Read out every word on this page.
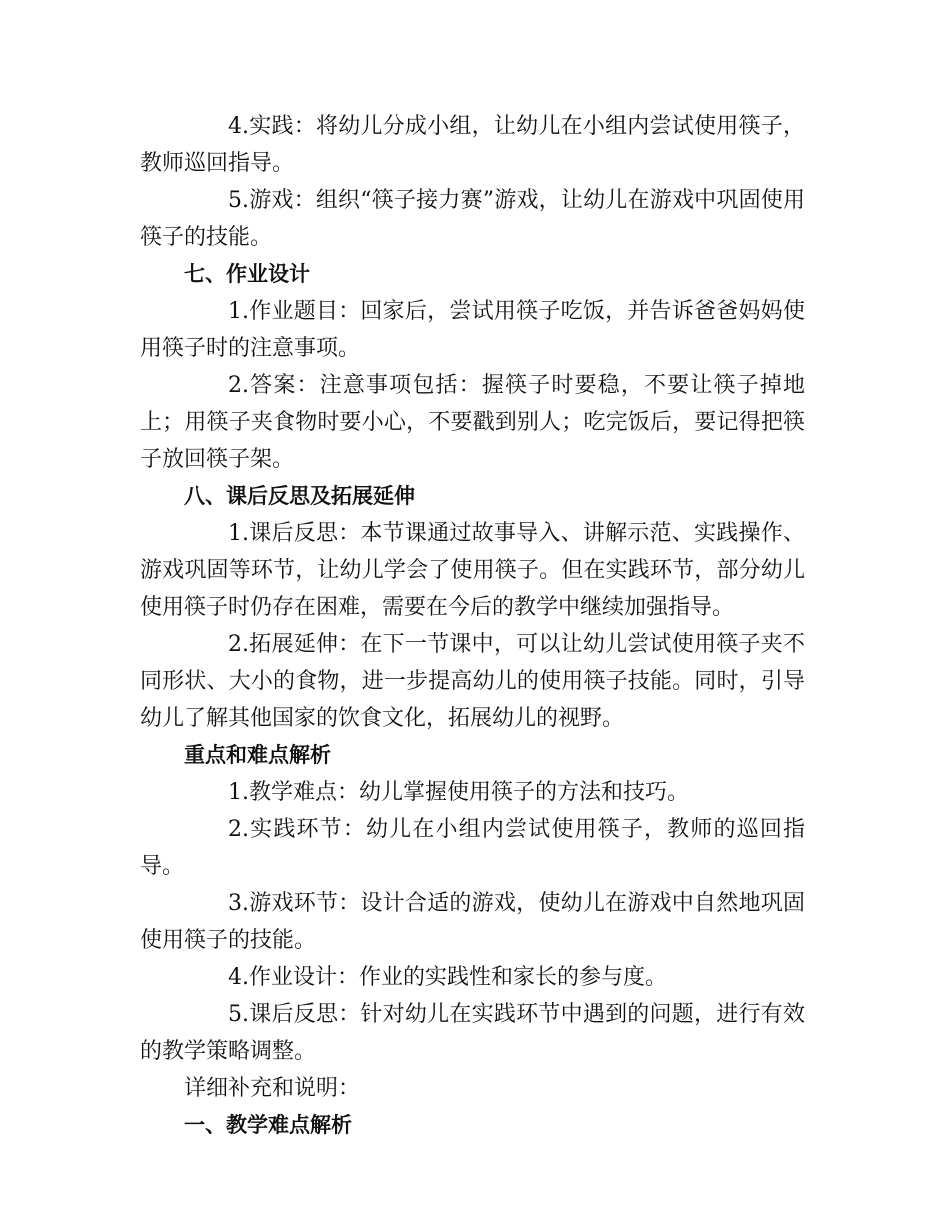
4.实践：将幼儿分成小组，让幼儿在小组内尝试使用筷子，教师巡回指导。

5.游戏：组织“筷子接力赛”游戏，让幼儿在游戏中巩固使用筷子的技能。

七、作业设计

1.作业题目：回家后，尝试用筷子吃饭，并告诉爸爸妈妈使用筷子时的注意事项。

2.答案：注意事项包括：握筷子时要稳，不要让筷子掉地上；用筷子夹食物时要小心，不要戳到别人；吃完饭后，要记得把筷子放回筷子架。

八、课后反思及拓展延伸

1.课后反思：本节课通过故事导入、讲解示范、实践操作、游戏巩固等环节，让幼儿学会了使用筷子。但在实践环节，部分幼儿使用筷子时仍存在困难，需要在今后的教学中继续加强指导。

2.拓展延伸：在下一节课中，可以让幼儿尝试使用筷子夹不同形状、大小的食物，进一步提高幼儿的使用筷子技能。同时，引导幼儿了解其他国家的饮食文化，拓展幼儿的视野。

重点和难点解析

1.教学难点：幼儿掌握使用筷子的方法和技巧。

2.实践环节：幼儿在小组内尝试使用筷子，教师的巡回指导。

3.游戏环节：设计合适的游戏，使幼儿在游戏中自然地巩固使用筷子的技能。

4.作业设计：作业的实践性和家长的参与度。

5.课后反思：针对幼儿在实践环节中遇到的问题，进行有效的教学策略调整。

详细补充和说明：

一、教学难点解析
